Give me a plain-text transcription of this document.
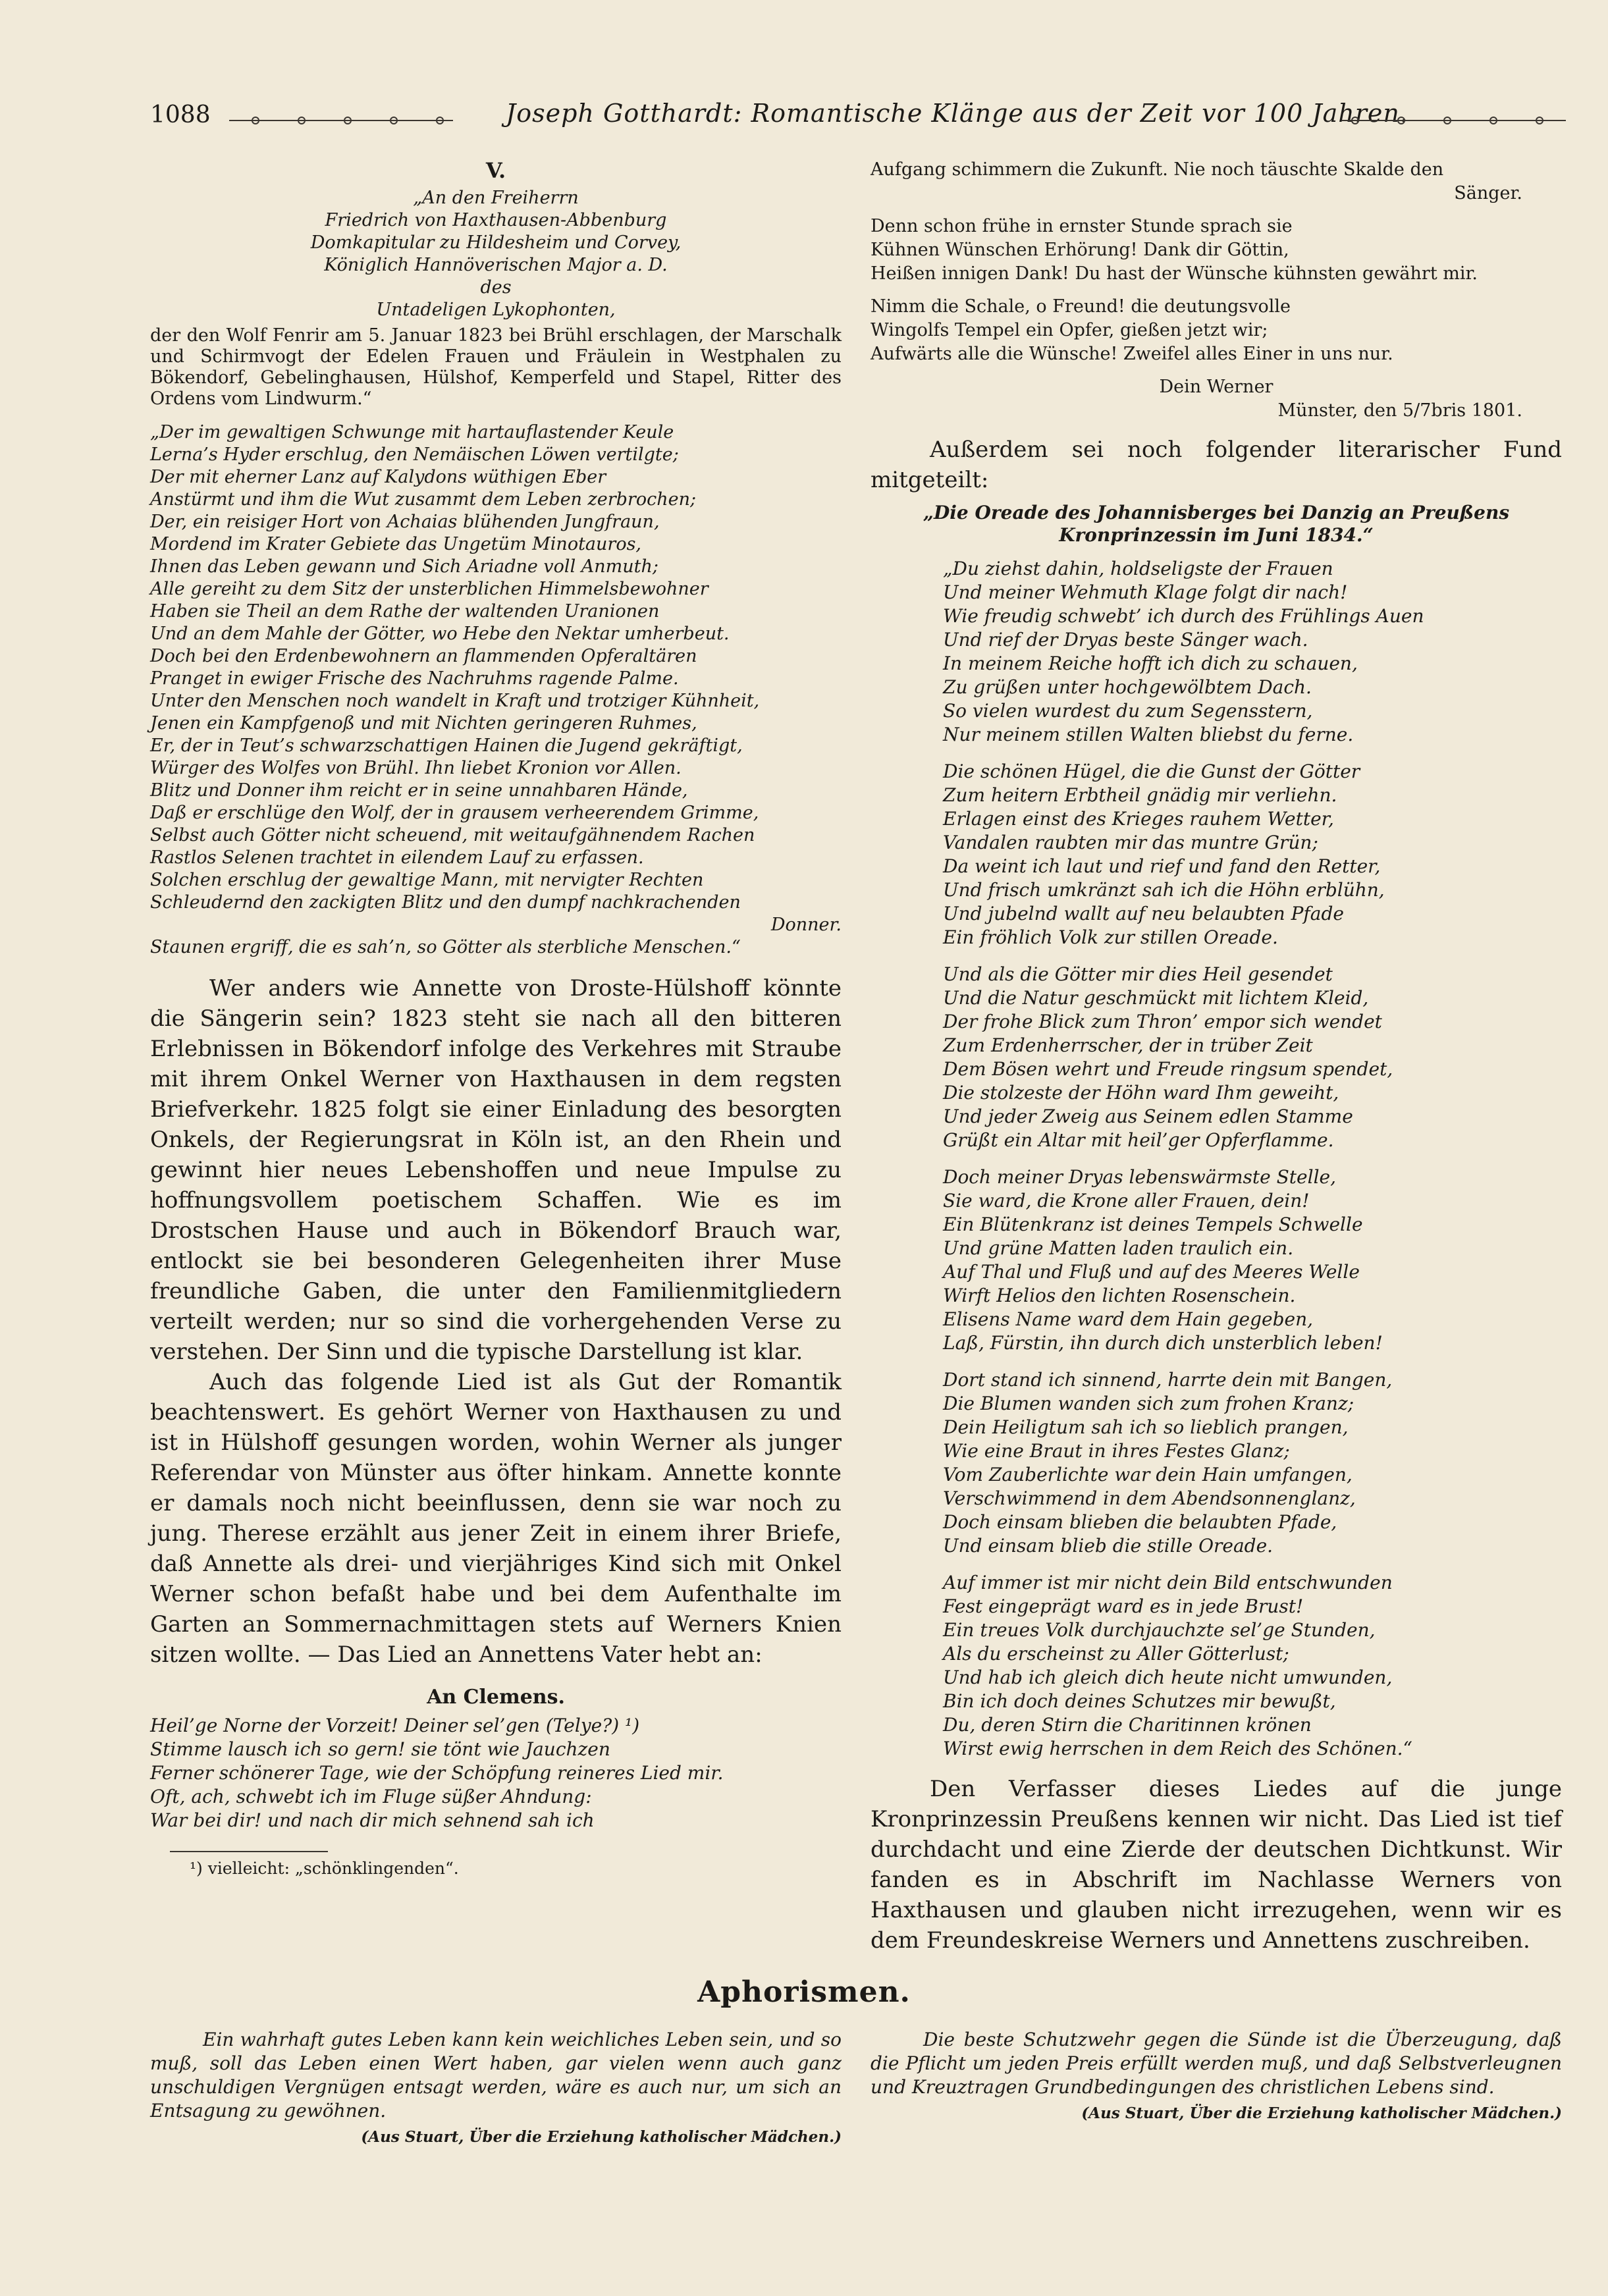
1088	Joseph Gotthardt: Romantische Klänge aus der Zeit vor 100 Jahren.
V.
„An den Freiherrn
Friedrich von Haxthausen-Abbenburg
Domkapitular zu Hildesheim und Corvey,
Königlich Hannöverischen Major a. D.
des
Untadeligen Lykophonten,
der den Wolf Fenrir am 5. Januar 1823 bei Brühl erschlagen, der Marschalk und Schirmvogt der Edelen Frauen und Fräulein in Westphalen zu Bökendorf, Gebelinghausen, Hülshof, Kemperfeld und Stapel, Ritter des Ordens vom Lindwurm.“
„Der im gewaltigen Schwunge mit hartauflastender Keule
Lerna’s Hyder erschlug, den Nemäischen Löwen vertilgte;
Der mit eherner Lanz auf Kalydons wüthigen Eber
Anstürmt und ihm die Wut zusammt dem Leben zerbrochen;
Der, ein reisiger Hort von Achaias blühenden Jungfraun,
Mordend im Krater Gebiete das Ungetüm Minotauros,
Ihnen das Leben gewann und Sich Ariadne voll Anmuth;
Alle gereiht zu dem Sitz der unsterblichen Himmelsbewohner
Haben sie Theil an dem Rathe der waltenden Uranionen
Und an dem Mahle der Götter, wo Hebe den Nektar umherbeut.
Doch bei den Erdenbewohnern an flammenden Opferaltären
Pranget in ewiger Frische des Nachruhms ragende Palme.
Unter den Menschen noch wandelt in Kraft und trotziger Kühnheit,
Jenen ein Kampfgenoß und mit Nichten geringeren Ruhmes,
Er, der in Teut’s schwarzschattigen Hainen die Jugend gekräftigt,
Würger des Wolfes von Brühl. Ihn liebet Kronion vor Allen.
Blitz und Donner ihm reicht er in seine unnahbaren Hände,
Daß er erschlüge den Wolf, der in grausem verheerendem Grimme,
Selbst auch Götter nicht scheuend, mit weitaufgähnendem Rachen
Rastlos Selenen trachtet in eilendem Lauf zu erfassen.
Solchen erschlug der gewaltige Mann, mit nervigter Rechten
Schleudernd den zackigten Blitz und den dumpf nachkrachenden
Donner.
Staunen ergriff, die es sah’n, so Götter als sterbliche Menschen.“

Wer anders wie Annette von Droste-Hülshoff könnte die Sängerin sein? 1823 steht sie nach all den bitteren Erlebnissen in Bökendorf infolge des Verkehres mit Straube mit ihrem Onkel Werner von Haxthausen in dem regsten Briefverkehr. 1825 folgt sie einer Einladung des besorgten Onkels, der Regierungsrat in Köln ist, an den Rhein und gewinnt hier neues Lebenshoffen und neue Impulse zu hoffnungsvollem poetischem Schaffen. Wie es im Drostschen Hause und auch in Bökendorf Brauch war, entlockt sie bei besonderen Gelegenheiten ihrer Muse freundliche Gaben, die unter den Familienmitgliedern verteilt werden; nur so sind die vorhergehenden Verse zu verstehen. Der Sinn und die typische Darstellung ist klar.

Auch das folgende Lied ist als Gut der Romantik beachtenswert. Es gehört Werner von Haxthausen zu und ist in Hülshoff gesungen worden, wohin Werner als junger Referendar von Münster aus öfter hinkam. Annette konnte er damals noch nicht beeinflussen, denn sie war noch zu jung. Therese erzählt aus jener Zeit in einem ihrer Briefe, daß Annette als drei- und vierjähriges Kind sich mit Onkel Werner schon befaßt habe und bei dem Aufenthalte im Garten an Sommernachmittagen stets auf Werners Knien sitzen wollte. — Das Lied an Annettens Vater hebt an:

An Clemens.
Heil’ge Norne der Vorzeit! Deiner sel’gen (Telye?) ¹)
Stimme lausch ich so gern! sie tönt wie Jauchzen
Ferner schönerer Tage, wie der Schöpfung reineres Lied mir.
Oft, ach, schwebt ich im Fluge süßer Ahndung:
War bei dir! und nach dir mich sehnend sah ich
¹) vielleicht: „schönklingenden“.
Aufgang schimmern die Zukunft. Nie noch täuschte Skalde den
Sänger.
Denn schon frühe in ernster Stunde sprach sie
Kühnen Wünschen Erhörung! Dank dir Göttin,
Heißen innigen Dank! Du hast der Wünsche kühnsten gewährt mir.
Nimm die Schale, o Freund! die deutungsvolle
Wingolfs Tempel ein Opfer, gießen jetzt wir;
Aufwärts alle die Wünsche! Zweifel alles Einer in uns nur.
Dein Werner
Münster, den 5/7bris 1801.

Außerdem sei noch folgender literarischer Fund mitgeteilt:

„Die Oreade des Johannisberges bei Danzig an Preußens Kronprinzessin im Juni 1834.“
„Du ziehst dahin, holdseligste der Frauen
Und meiner Wehmuth Klage folgt dir nach!
Wie freudig schwebt’ ich durch des Frühlings Auen
Und rief der Dryas beste Sänger wach.
In meinem Reiche hofft ich dich zu schauen,
Zu grüßen unter hochgewölbtem Dach.
So vielen wurdest du zum Segensstern,
Nur meinem stillen Walten bliebst du ferne.
Die schönen Hügel, die die Gunst der Götter
Zum heitern Erbtheil gnädig mir verliehn.
Erlagen einst des Krieges rauhem Wetter,
Vandalen raubten mir das muntre Grün;
Da weint ich laut und rief und fand den Retter,
Und frisch umkränzt sah ich die Höhn erblühn,
Und jubelnd wallt auf neu belaubten Pfade
Ein fröhlich Volk zur stillen Oreade.
Und als die Götter mir dies Heil gesendet
Und die Natur geschmückt mit lichtem Kleid,
Der frohe Blick zum Thron’ empor sich wendet
Zum Erdenherrscher, der in trüber Zeit
Dem Bösen wehrt und Freude ringsum spendet,
Die stolzeste der Höhn ward Ihm geweiht,
Und jeder Zweig aus Seinem edlen Stamme
Grüßt ein Altar mit heil’ger Opferflamme.
Doch meiner Dryas lebenswärmste Stelle,
Sie ward, die Krone aller Frauen, dein!
Ein Blütenkranz ist deines Tempels Schwelle
Und grüne Matten laden traulich ein.
Auf Thal und Fluß und auf des Meeres Welle
Wirft Helios den lichten Rosenschein.
Elisens Name ward dem Hain gegeben,
Laß, Fürstin, ihn durch dich unsterblich leben!
Dort stand ich sinnend, harrte dein mit Bangen,
Die Blumen wanden sich zum frohen Kranz;
Dein Heiligtum sah ich so lieblich prangen,
Wie eine Braut in ihres Festes Glanz;
Vom Zauberlichte war dein Hain umfangen,
Verschwimmend in dem Abendsonnenglanz,
Doch einsam blieben die belaubten Pfade,
Und einsam blieb die stille Oreade.
Auf immer ist mir nicht dein Bild entschwunden
Fest eingeprägt ward es in jede Brust!
Ein treues Volk durchjauchzte sel’ge Stunden,
Als du erscheinst zu Aller Götterlust;
Und hab ich gleich dich heute nicht umwunden,
Bin ich doch deines Schutzes mir bewußt,
Du, deren Stirn die Charitinnen krönen
Wirst ewig herrschen in dem Reich des Schönen.“

Den Verfasser dieses Liedes auf die junge Kronprinzessin Preußens kennen wir nicht. Das Lied ist tief durchdacht und eine Zierde der deutschen Dichtkunst. Wir fanden es in Abschrift im Nachlasse Werners von Haxthausen und glauben nicht irrezugehen, wenn wir es dem Freundeskreise Werners und Annettens zuschreiben.

Aphorismen.

Ein wahrhaft gutes Leben kann kein weichliches Leben sein, und so muß, soll das Leben einen Wert haben, gar vielen wenn auch ganz unschuldigen Vergnügen entsagt werden, wäre es auch nur, um sich an Entsagung zu gewöhnen.

(Aus Stuart, Über die Erziehung katholischer Mädchen.)

Die beste Schutzwehr gegen die Sünde ist die Überzeugung, daß die Pflicht um jeden Preis erfüllt werden muß, und daß Selbstverleugnen und Kreuztragen Grundbedingungen des christlichen Lebens sind.

(Aus Stuart, Über die Erziehung katholischer Mädchen.)
